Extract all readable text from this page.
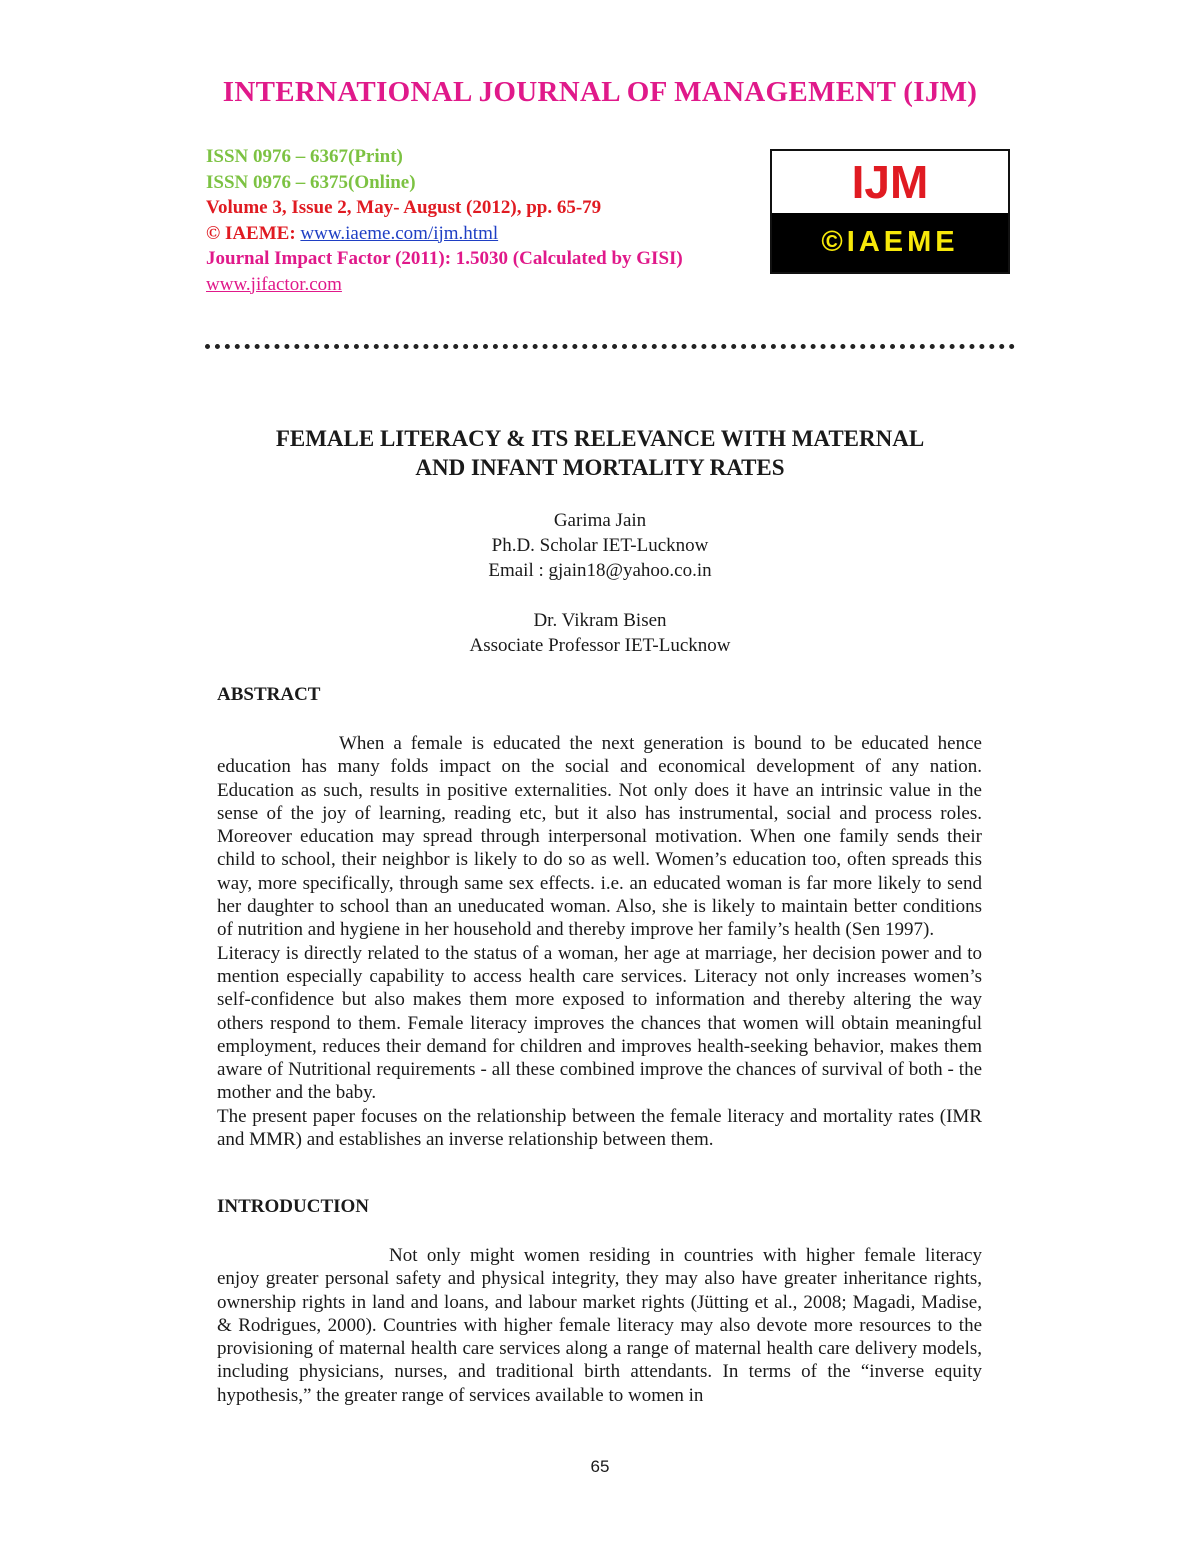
INTERNATIONAL JOURNAL OF MANAGEMENT (IJM)
ISSN 0976 – 6367(Print)
ISSN 0976 – 6375(Online)
Volume 3, Issue 2, May- August (2012), pp. 65-79
© IAEME: www.iaeme.com/ijm.html
Journal Impact Factor (2011): 1.5030 (Calculated by GISI)
www.jifactor.com
IJM
©IAEME
FEMALE LITERACY & ITS RELEVANCE WITH MATERNAL
AND INFANT MORTALITY RATES
Garima Jain
Ph.D. Scholar IET-Lucknow
Email : gjain18@yahoo.co.in
Dr. Vikram Bisen
Associate Professor IET-Lucknow
ABSTRACT

When a female is educated the next generation is bound to be educated hence education has many folds impact on the social and economical development of any nation. Education as such, results in positive externalities. Not only does it have an intrinsic value in the sense of the joy of learning, reading etc, but it also has instrumental, social and process roles. Moreover education may spread through interpersonal motivation. When one family sends their child to school, their neighbor is likely to do so as well. Women’s education too, often spreads this way, more specifically, through same sex effects. i.e. an educated woman is far more likely to send her daughter to school than an uneducated woman. Also, she is likely to maintain better conditions of nutrition and hygiene in her household and thereby improve her family’s health (Sen 1997).

Literacy is directly related to the status of a woman, her age at marriage, her decision power and to mention especially capability to access health care services. Literacy not only increases women’s self-confidence but also makes them more exposed to information and thereby altering the way others respond to them. Female literacy improves the chances that women will obtain meaningful employment, reduces their demand for children and improves health-seeking behavior, makes them aware of Nutritional requirements - all these combined improve the chances of survival of both - the mother and the baby.

The present paper focuses on the relationship between the female literacy and mortality rates (IMR and MMR) and establishes an inverse relationship between them.

INTRODUCTION

Not only might women residing in countries with higher female literacy enjoy greater personal safety and physical integrity, they may also have greater inheritance rights, ownership rights in land and loans, and labour market rights (Jütting et al., 2008; Magadi, Madise, & Rodrigues, 2000). Countries with higher female literacy may also devote more resources to the provisioning of maternal health care services along a range of maternal health care delivery models, including physicians, nurses, and traditional birth attendants. In terms of the “inverse equity hypothesis,” the greater range of services available to women in

65
